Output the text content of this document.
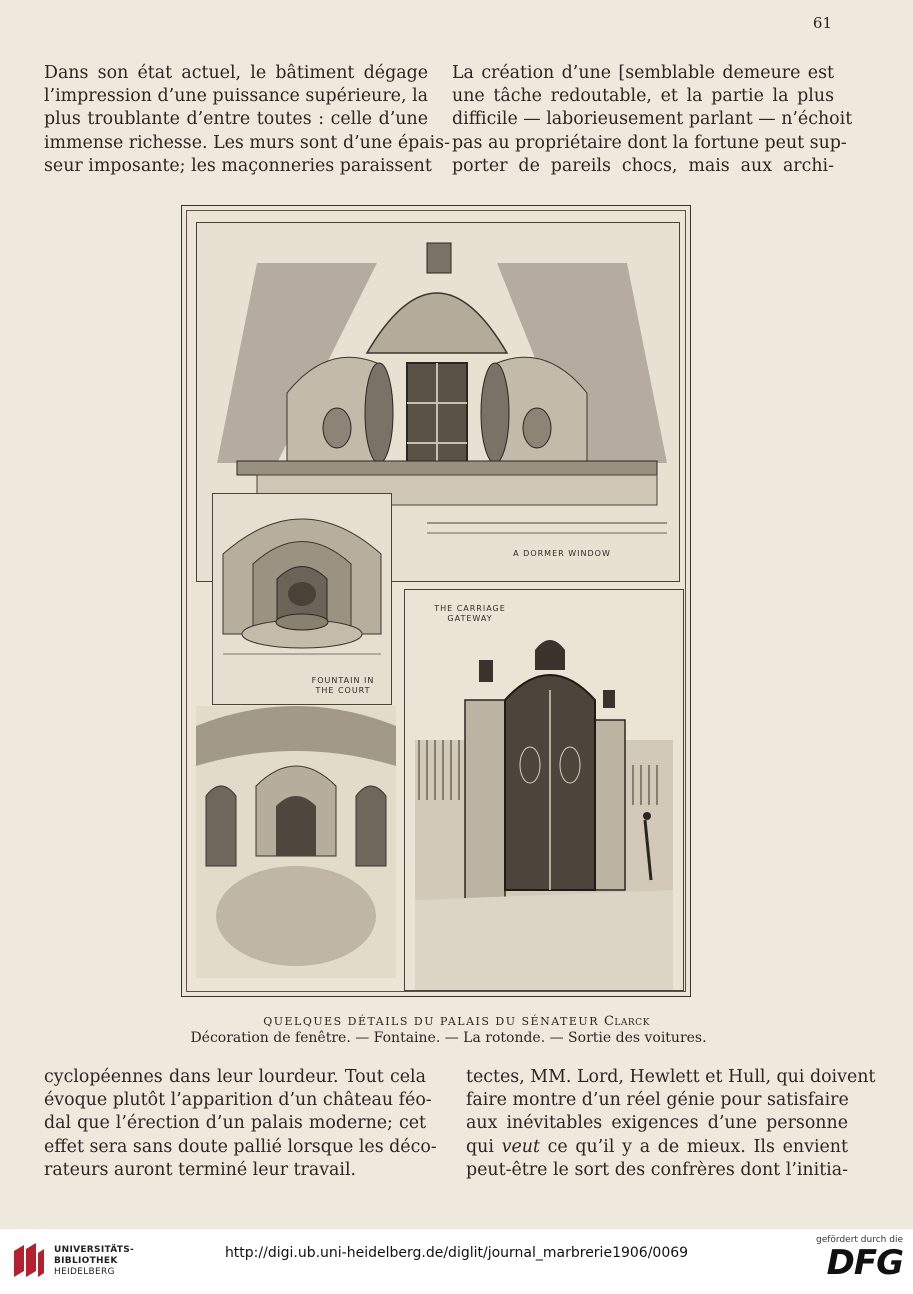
61
Dans son état actuel, le bâtiment dégage
l’impression d’une puissance supérieure, la
plus troublante d’entre toutes : celle d’une
immense richesse. Les murs sont d’une épais-
seur imposante; les maçonneries paraissent
La création d’une [semblable demeure est
une tâche redoutable, et la partie la plus
difficile — laborieusement parlant — n’échoit
pas au propriétaire dont la fortune peut sup-
porter de pareils chocs, mais aux archi-
A DORMER WINDOW
FOUNTAIN IN THE COURT
THE CARRIAGE GATEWAY
QUELQUES DÉTAILS DU PALAIS DU SÉNATEUR Clarck
Décoration de fenêtre. — Fontaine. — La rotonde. — Sortie des voitures.
cyclopéennes dans leur lourdeur. Tout cela
évoque plutôt l’apparition d’un château féo-
dal que l’érection d’un palais moderne; cet
effet sera sans doute pallié lorsque les déco-
rateurs auront terminé leur travail.
tectes, MM. Lord, Hewlett et Hull, qui doivent
faire montre d’un réel génie pour satisfaire
aux inévitables exigences d’une personne
qui veut ce qu’il y a de mieux. Ils envient
peut-être le sort des confrères dont l’initia-
UNIVERSITÄTS-
BIBLIOTHEK
HEIDELBERG
http://digi.ub.uni-heidelberg.de/diglit/journal_marbrerie1906/0069
gefördert durch die
DFG
